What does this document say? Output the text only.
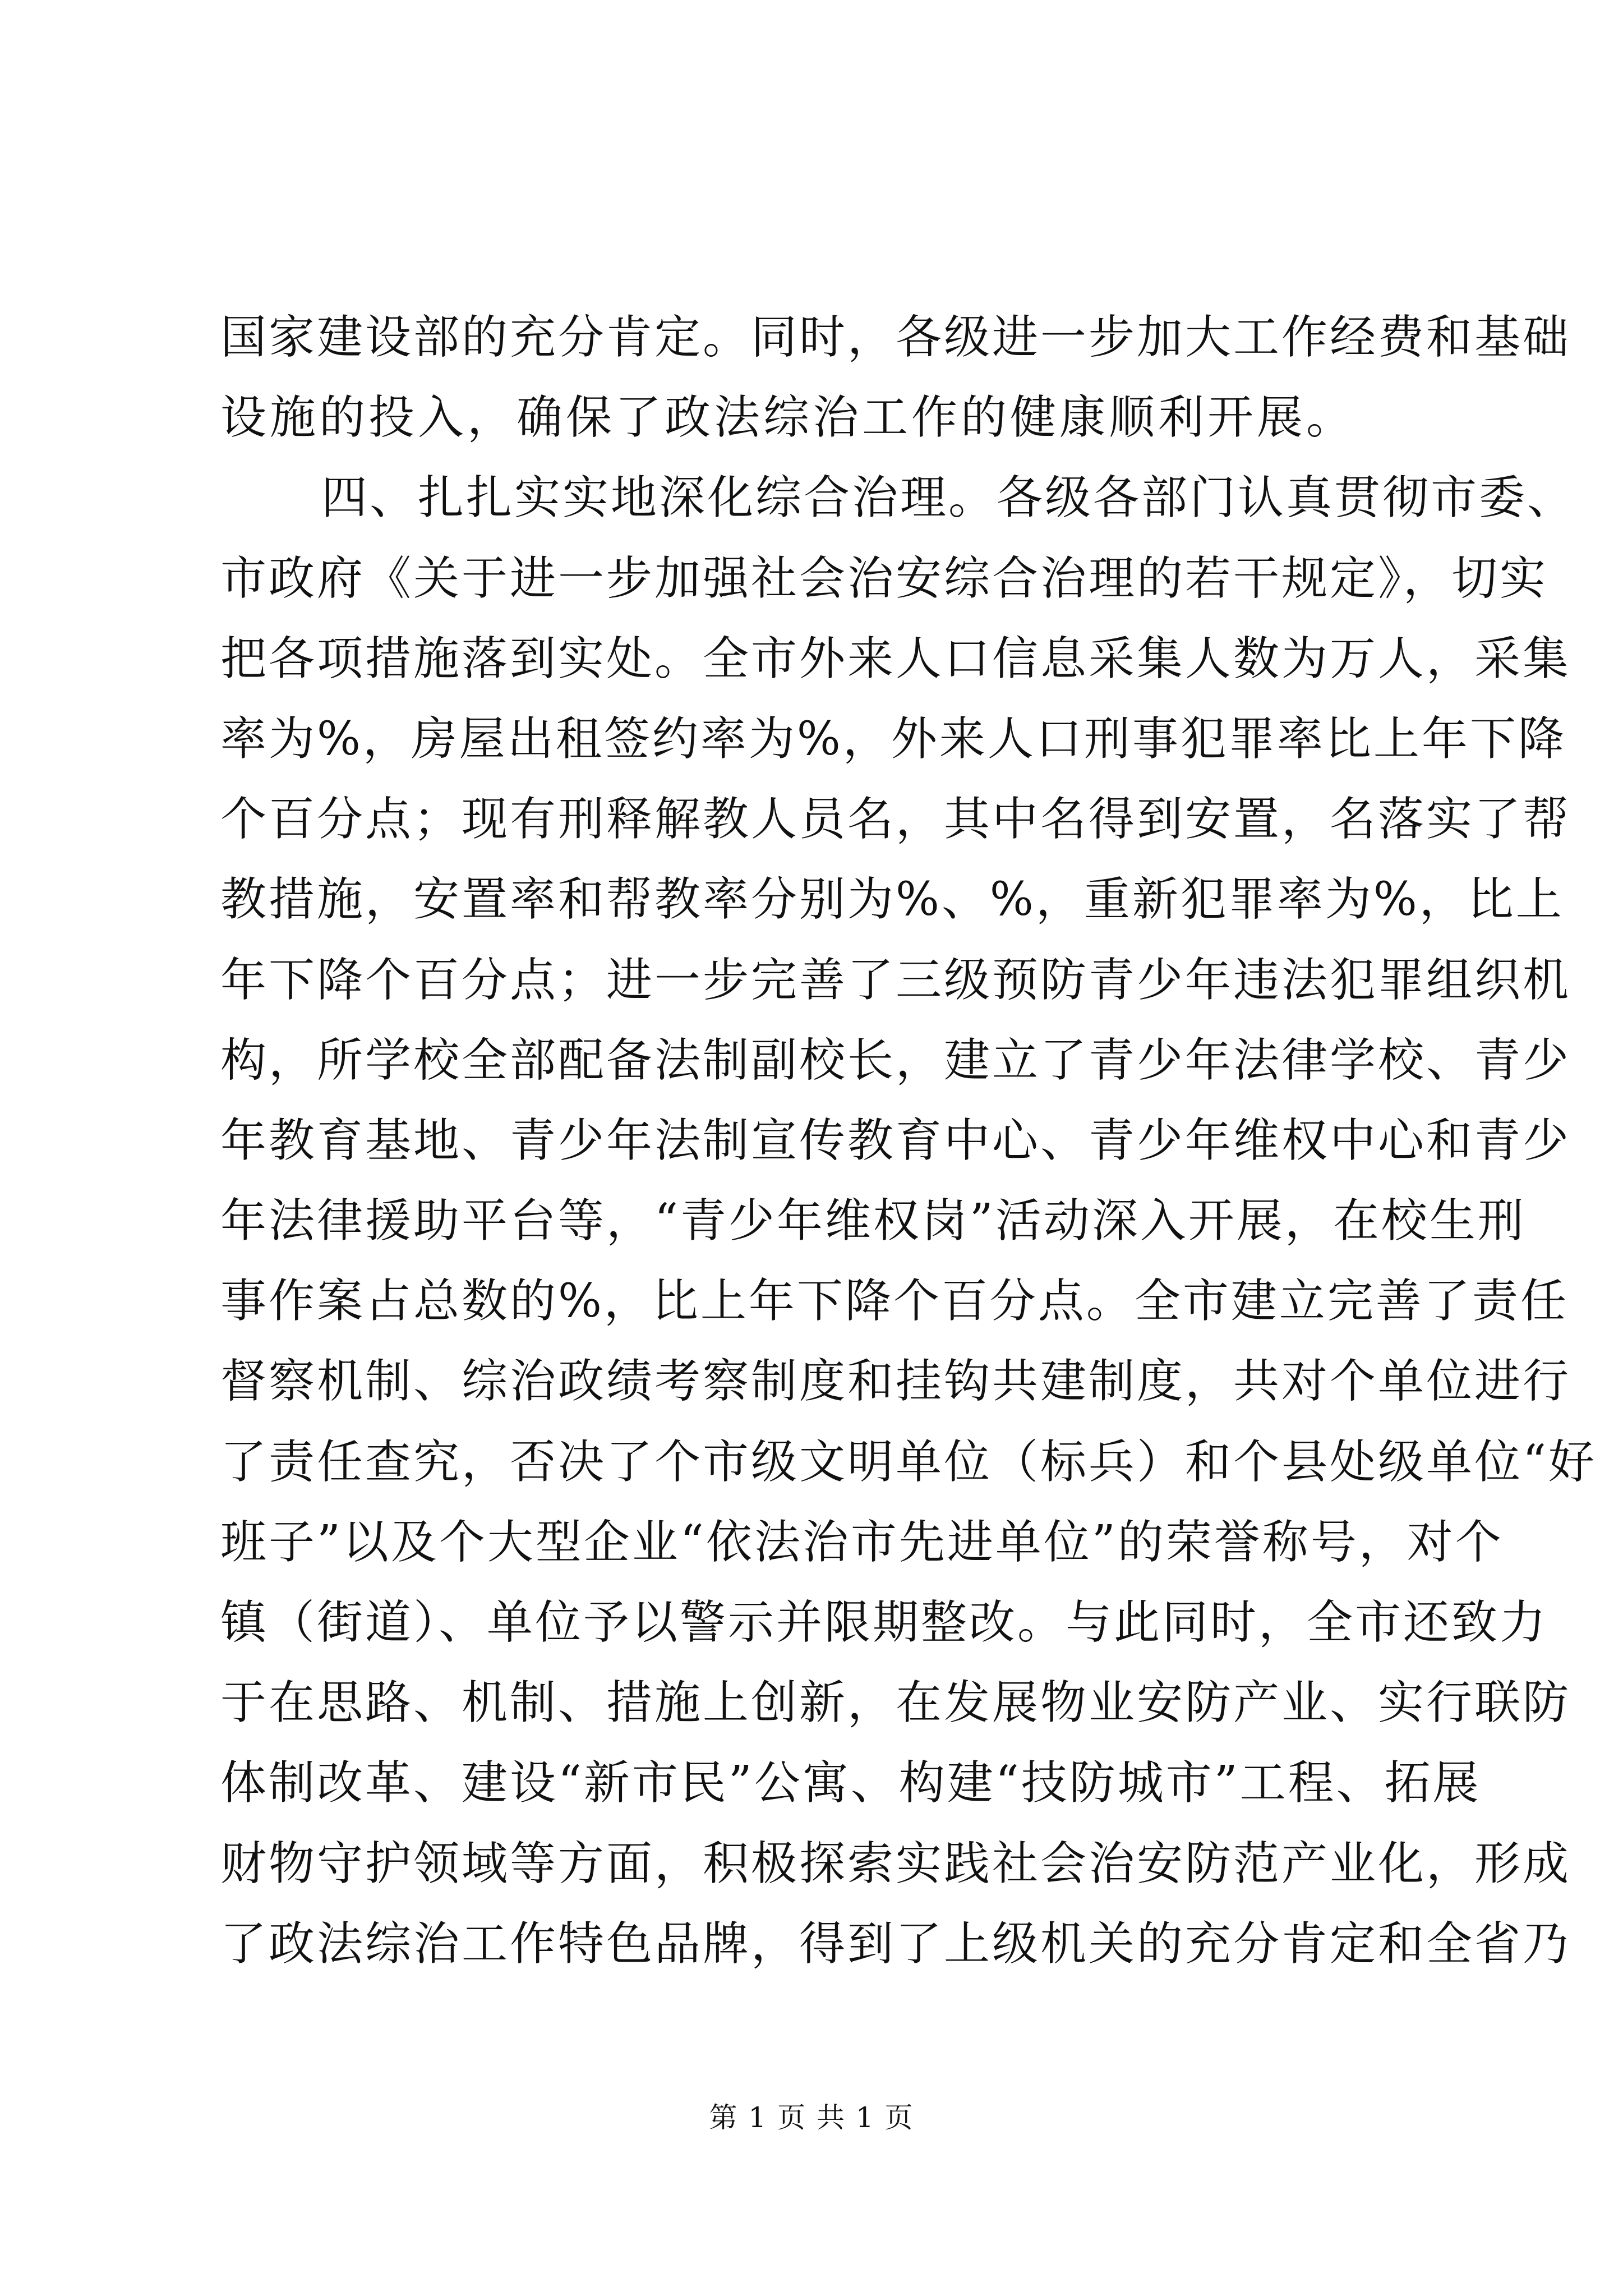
国家建设部的充分肯定。同时，各级进一步加大工作经费和基础
设施的投入，确保了政法综治工作的健康顺利开展。
四、扎扎实实地深化综合治理。各级各部门认真贯彻市委、
市政府《关于进一步加强社会治安综合治理的若干规定》，切实
把各项措施落到实处。全市外来人口信息采集人数为万人，采集
率为%，房屋出租签约率为%，外来人口刑事犯罪率比上年下降
个百分点；现有刑释解教人员名，其中名得到安置，名落实了帮
教措施，安置率和帮教率分别为%、%，重新犯罪率为%，比上
年下降个百分点；进一步完善了三级预防青少年违法犯罪组织机
构，所学校全部配备法制副校长，建立了青少年法律学校、青少
年教育基地、青少年法制宣传教育中心、青少年维权中心和青少
年法律援助平台等，“青少年维权岗”活动深入开展，在校生刑
事作案占总数的%，比上年下降个百分点。全市建立完善了责任
督察机制、综治政绩考察制度和挂钩共建制度，共对个单位进行
了责任查究，否决了个市级文明单位（标兵）和个县处级单位“好
班子”以及个大型企业“依法治市先进单位”的荣誉称号，对个
镇（街道）、单位予以警示并限期整改。与此同时，全市还致力
于在思路、机制、措施上创新，在发展物业安防产业、实行联防
体制改革、建设“新市民”公寓、构建“技防城市”工程、拓展
财物守护领域等方面，积极探索实践社会治安防范产业化，形成
了政法综治工作特色品牌，得到了上级机关的充分肯定和全省乃
第 1 页 共 1 页
